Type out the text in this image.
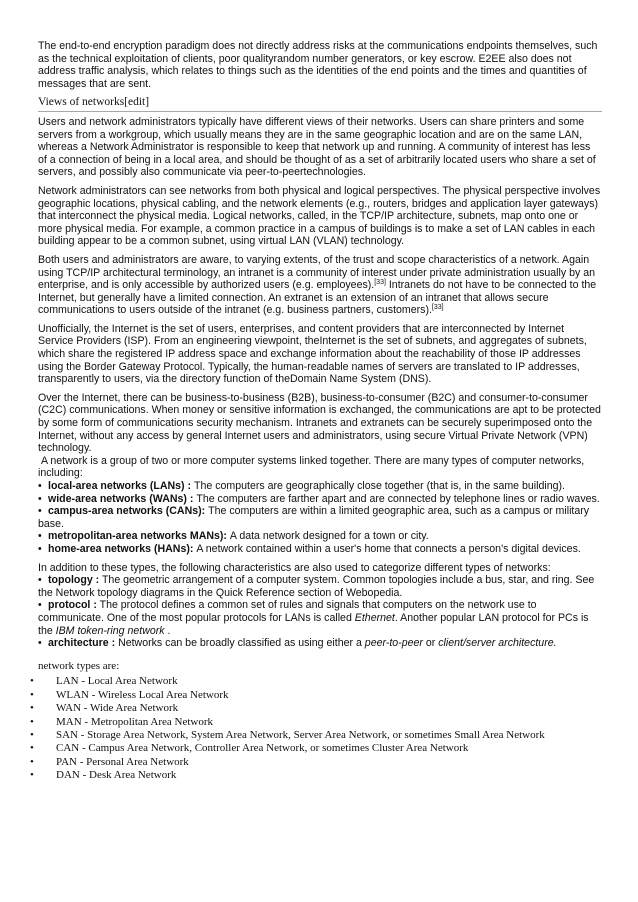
The end-to-end encryption paradigm does not directly address risks at the communications endpoints themselves, such as the technical exploitation of clients, poor qualityrandom number generators, or key escrow. E2EE also does not address traffic analysis, which relates to things such as the identities of the end points and the times and quantities of messages that are sent.

Views of networks[edit]

Users and network administrators typically have different views of their networks. Users can share printers and some servers from a workgroup, which usually means they are in the same geographic location and are on the same LAN, whereas a Network Administrator is responsible to keep that network up and running. A community of interest has less of a connection of being in a local area, and should be thought of as a set of arbitrarily located users who share a set of servers, and possibly also communicate via peer-to-peertechnologies.

Network administrators can see networks from both physical and logical perspectives. The physical perspective involves geographic locations, physical cabling, and the network elements (e.g., routers, bridges and application layer gateways) that interconnect the physical media. Logical networks, called, in the TCP/IP architecture, subnets, map onto one or more physical media. For example, a common practice in a campus of buildings is to make a set of LAN cables in each building appear to be a common subnet, using virtual LAN (VLAN) technology.

Both users and administrators are aware, to varying extents, of the trust and scope characteristics of a network. Again using TCP/IP architectural terminology, an intranet is a community of interest under private administration usually by an enterprise, and is only accessible by authorized users (e.g. employees).[33] Intranets do not have to be connected to the Internet, but generally have a limited connection. An extranet is an extension of an intranet that allows secure communications to users outside of the intranet (e.g. business partners, customers).[33]

Unofficially, the Internet is the set of users, enterprises, and content providers that are interconnected by Internet Service Providers (ISP). From an engineering viewpoint, theInternet is the set of subnets, and aggregates of subnets, which share the registered IP address space and exchange information about the reachability of those IP addresses using the Border Gateway Protocol. Typically, the human-readable names of servers are translated to IP addresses, transparently to users, via the directory function of theDomain Name System (DNS).

Over the Internet, there can be business-to-business (B2B), business-to-consumer (B2C) and consumer-to-consumer (C2C) communications. When money or sensitive information is exchanged, the communications are apt to be protected by some form of communications security mechanism. Intranets and extranets can be securely superimposed onto the Internet, without any access by general Internet users and administrators, using secure Virtual Private Network (VPN) technology.

A network is a group of two or more computer systems linked together. There are many types of computer networks, including:
• local-area networks (LANs) : The computers are geographically close together (that is, in the same building).
• wide-area networks (WANs) : The computers are farther apart and are connected by telephone lines or radio waves.
• campus-area networks (CANs): The computers are within a limited geographic area, such as a campus or military base.
• metropolitan-area networks MANs): A data network designed for a town or city.
• home-area networks (HANs): A network contained within a user's home that connects a person's digital devices.
In addition to these types, the following characteristics are also used to categorize different types of networks:
• topology : The geometric arrangement of a computer system. Common topologies include a bus, star, and ring. See the Network topology diagrams in the Quick Reference section of Webopedia.
• protocol : The protocol defines a common set of rules and signals that computers on the network use to communicate. One of the most popular protocols for LANs is called Ethernet. Another popular LAN protocol for PCs is the IBM token-ring network .
• architecture : Networks can be broadly classified as using either a peer-to-peer or client/server architecture.
network types are:
• LAN - Local Area Network
• WLAN - Wireless Local Area Network
• WAN - Wide Area Network
• MAN - Metropolitan Area Network
• SAN - Storage Area Network, System Area Network, Server Area Network, or sometimes Small Area Network
• CAN - Campus Area Network, Controller Area Network, or sometimes Cluster Area Network
• PAN - Personal Area Network
• DAN - Desk Area Network
